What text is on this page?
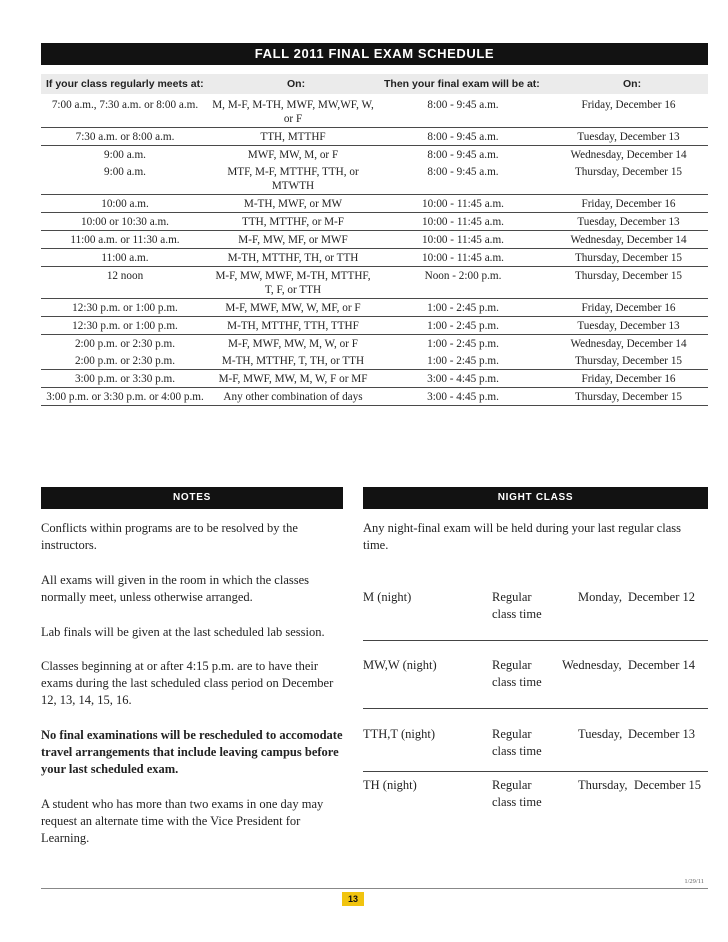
FALL 2011 FINAL EXAM SCHEDULE
If your class regularly meets at:	On:	Then your final exam will be at:	On:
7:00 a.m., 7:30 a.m. or 8:00 a.m.	M, M-F, M-TH, MWF, MW,WF, W, or F	8:00 - 9:45 a.m.	Friday, December 16
7:30 a.m. or 8:00 a.m.	TTH, MTTHF	8:00 - 9:45 a.m.	Tuesday, December 13
9:00 a.m.	MWF, MW, M, or F	8:00 - 9:45 a.m.	Wednesday, December 14
9:00 a.m.	MTF, M-F, MTTHF, TTH, or MTWTH	8:00 - 9:45 a.m.	Thursday, December 15
10:00 a.m.	M-TH, MWF, or MW	10:00 - 11:45 a.m.	Friday, December 16
10:00 or 10:30 a.m.	TTH, MTTHF, or M-F	10:00 - 11:45 a.m.	Tuesday, December 13
11:00 a.m. or 11:30 a.m.	M-F, MW, MF, or MWF	10:00 - 11:45 a.m.	Wednesday, December 14
11:00 a.m.	M-TH, MTTHF, TH, or TTH	10:00 - 11:45 a.m.	Thursday, December 15
12 noon	M-F, MW, MWF, M-TH, MTTHF, T, F, or TTH	Noon - 2:00 p.m.	Thursday, December 15
12:30 p.m. or 1:00 p.m.	M-F, MWF, MW, W, MF, or F	1:00 - 2:45 p.m.	Friday, December 16
12:30 p.m. or 1:00 p.m.	M-TH, MTTHF, TTH, TTHF	1:00 - 2:45 p.m.	Tuesday, December 13
2:00 p.m. or 2:30 p.m.	M-F, MWF, MW, M, W, or F	1:00 - 2:45 p.m.	Wednesday, December 14
2:00 p.m. or 2:30 p.m.	M-TH, MTTHF, T, TH, or TTH	1:00 - 2:45 p.m.	Thursday, December 15
3:00 p.m. or 3:30 p.m.	M-F, MWF, MW, M, W, F or MF	3:00 - 4:45 p.m.	Friday, December 16
3:00 p.m. or 3:30 p.m. or 4:00 p.m.	Any other combination of days	3:00 - 4:45 p.m.	Thursday, December 15
NOTES
Conflicts within programs are to be resolved by the instructors.
All exams will given in the room in which the classes normally meet, unless otherwise arranged.
Lab finals will be given at the last scheduled lab session.
Classes beginning at or after 4:15 p.m. are to have their exams during the last scheduled class period on December 12, 13, 14, 15, 16.
No final examinations will be rescheduled to accomodate travel arrangements that include leaving campus before your last scheduled exam.
A student who has more than two exams in one day may request an alternate time with the Vice President for Learning.
NIGHT CLASS
Any night-final exam will be held during your last regular class time.
M (night)	Regular
class time
Monday, December 12
MW,W (night)	Regular
class time
Wednesday, December 14
TTH,T (night)	Regular
class time
Tuesday, December 13
TH (night)	Regular
class time
Thursday, December 15
1/29/11
13
